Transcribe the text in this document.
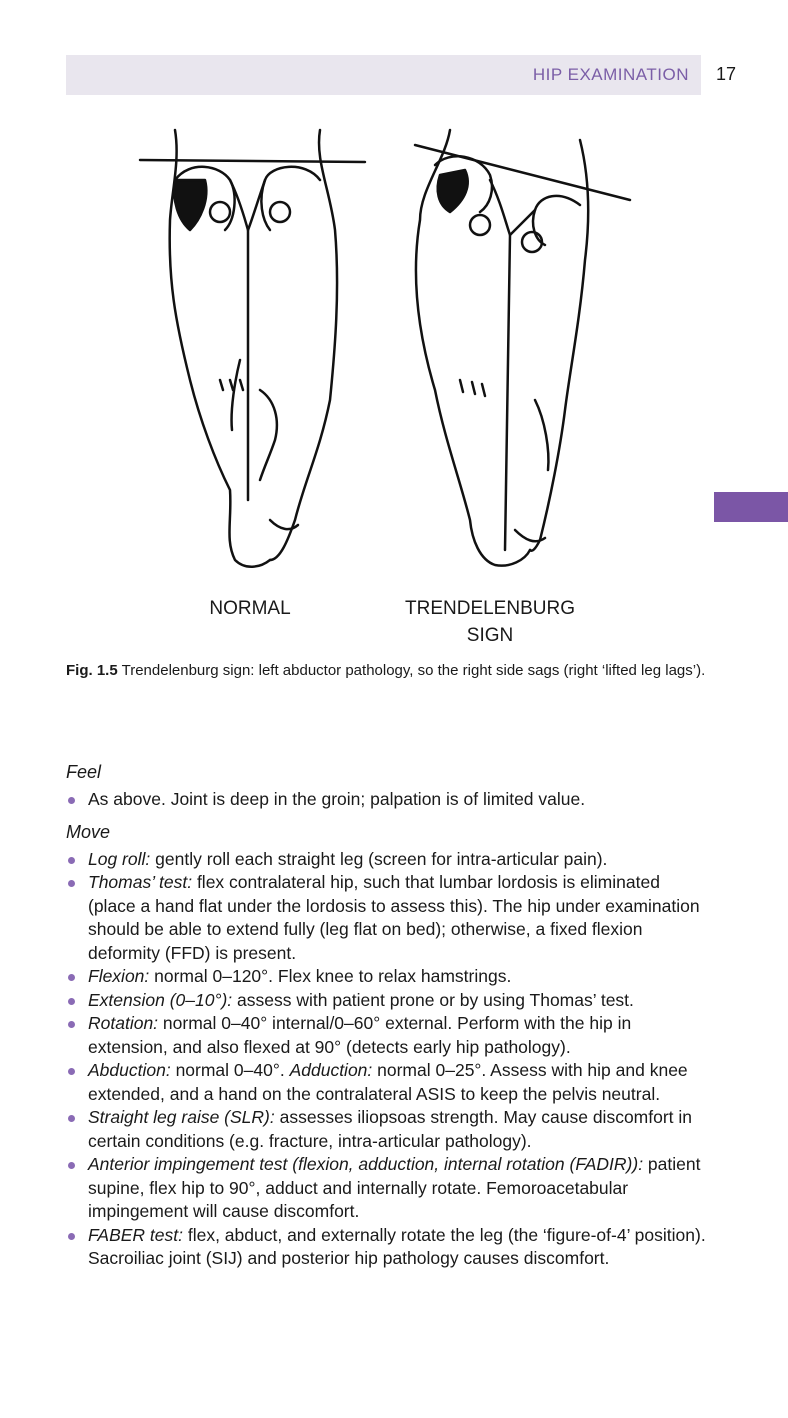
HIP EXAMINATION 17
NORMAL	TRENDELENBURG
SIGN
Fig. 1.5 Trendelenburg sign: left abductor pathology, so the right side sags (right ‘lifted leg lags’).
Feel
As above. Joint is deep in the groin; palpation is of limited value.
Move
Log roll: gently roll each straight leg (screen for intra-articular pain).
Thomas’ test: flex contralateral hip, such that lumbar lordosis is eliminated (place a hand flat under the lordosis to assess this). The hip under examination should be able to extend fully (leg flat on bed); otherwise, a fixed flexion deformity (FFD) is present.
Flexion: normal 0–120°. Flex knee to relax hamstrings.
Extension (0–10°): assess with patient prone or by using Thomas’ test.
Rotation: normal 0–40° internal/0–60° external. Perform with the hip in extension, and also flexed at 90° (detects early hip pathology).
Abduction: normal 0–40°. Adduction: normal 0–25°. Assess with hip and knee extended, and a hand on the contralateral ASIS to keep the pelvis neutral.
Straight leg raise (SLR): assesses iliopsoas strength. May cause discomfort in certain conditions (e.g. fracture, intra-articular pathology).
Anterior impingement test (flexion, adduction, internal rotation (FADIR)): patient supine, flex hip to 90°, adduct and internally rotate. Femoroacetabular impingement will cause discomfort.
FABER test: flex, abduct, and externally rotate the leg (the ‘figure-of-4’ position). Sacroiliac joint (SIJ) and posterior hip pathology causes discomfort.
